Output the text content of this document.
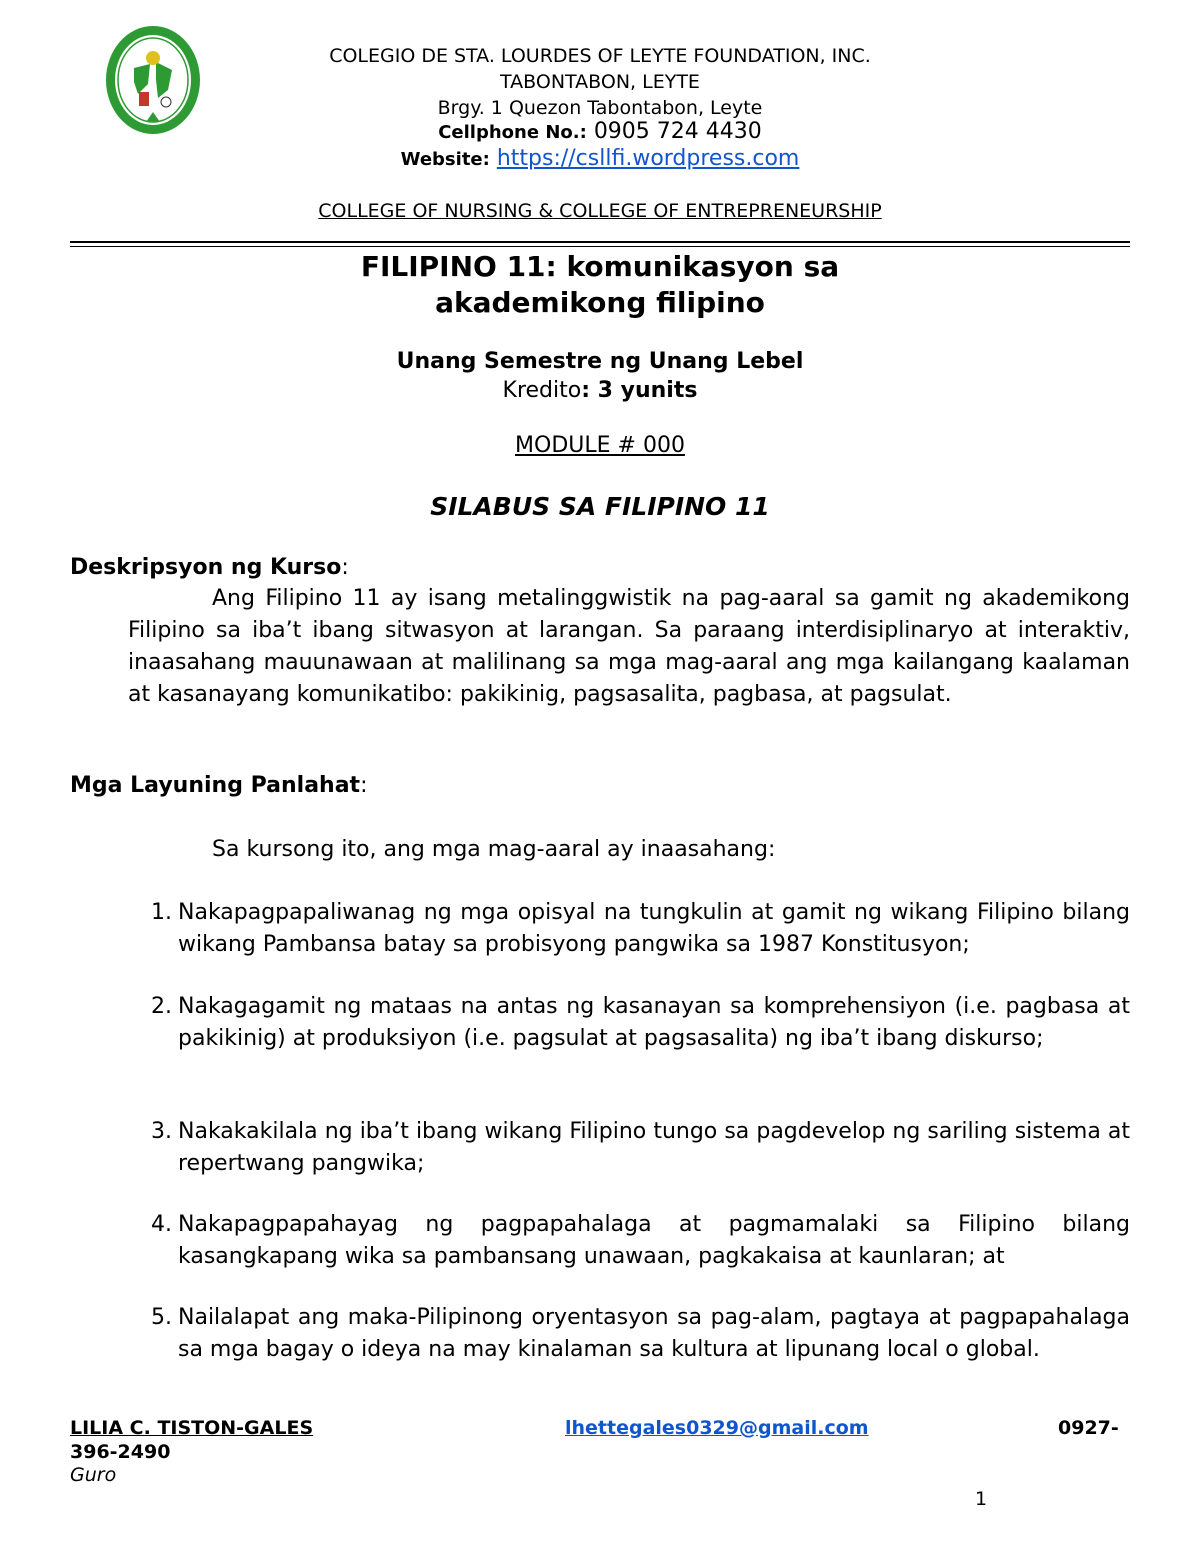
COLEGIO DE STA. LOURDES OF LEYTE FOUNDATION, INC.
TABONTABON, LEYTE
Brgy. 1 Quezon Tabontabon, Leyte
Cellphone No.: 0905 724 4430
Website: https://csllfi.wordpress.com
COLLEGE OF NURSING & COLLEGE OF ENTREPRENEURSHIP
FILIPINO 11: komunikasyon sa
akademikong filipino
Unang Semestre ng Unang Lebel
Kredito: 3 yunits
MODULE # 000
SILABUS SA FILIPINO 11
Deskripsyon ng Kurso:
Ang Filipino 11 ay isang metalinggwistik na pag-aaral sa gamit ng akademikong Filipino sa iba’t ibang sitwasyon at larangan. Sa paraang interdisiplinaryo at interaktiv, inaasahang mauunawaan at malilinang sa mga mag-aaral ang mga kailangang kaalaman at kasanayang komunikatibo: pakikinig, pagsasalita, pagbasa, at pagsulat.
Mga Layuning Panlahat:
Sa kursong ito, ang mga mag-aaral ay inaasahang:
1. Nakapagpapaliwanag ng mga opisyal na tungkulin at gamit ng wikang Filipino bilang wikang Pambansa batay sa probisyong pangwika sa 1987 Konstitusyon;
2. Nakagagamit ng mataas na antas ng kasanayan sa komprehensiyon (i.e. pagbasa at pakikinig) at produksiyon (i.e. pagsulat at pagsasalita) ng iba’t ibang diskurso;
3. Nakakakilala ng iba’t ibang wikang Filipino tungo sa pagdevelop ng sariling sistema at repertwang pangwika;
4. Nakapagpapahayag ng pagpapahalaga at pagmamalaki sa Filipino bilang kasangkapang wika sa pambansang unawaan, pagkakaisa at kaunlaran; at
5. Nailalapat ang maka-Pilipinong oryentasyon sa pag-alam, pagtaya at pagpapahalaga sa mga bagay o ideya na may kinalaman sa kultura at lipunang local o global.
LILIA C. TISTON-GALES	lhettegales0329@gmail.com	0927-
396-2490
Guro
1
